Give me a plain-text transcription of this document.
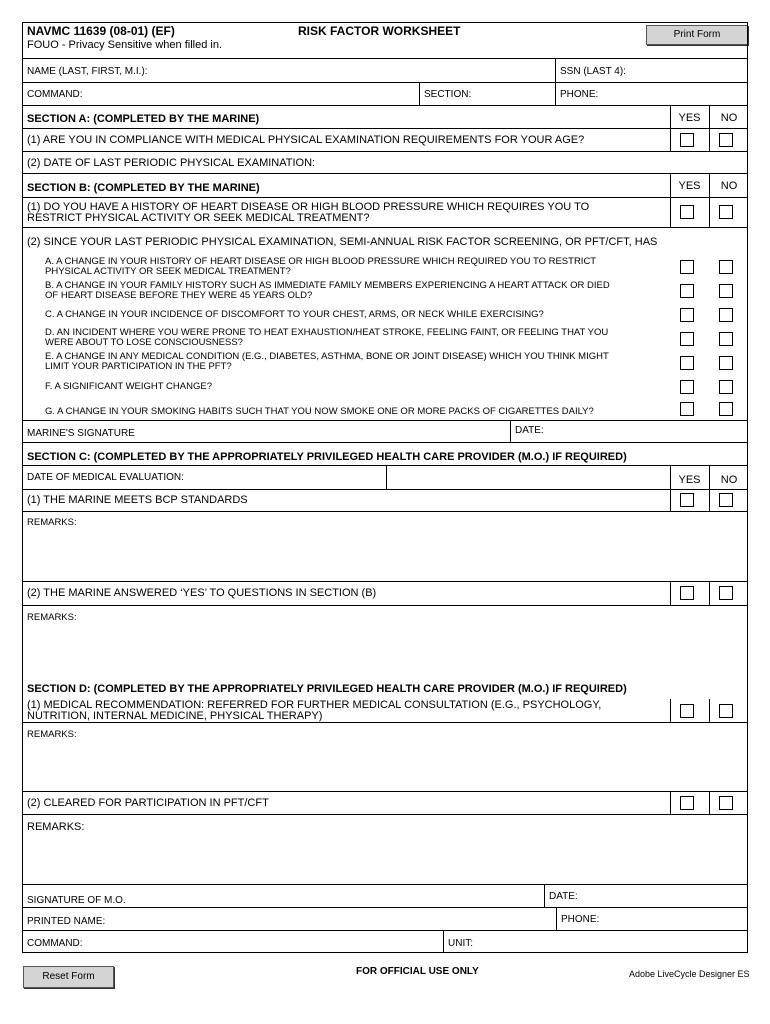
NAVMC 11639 (08-01) (EF)
FOUO - Privacy Sensitive when filled in.
RISK FACTOR WORKSHEET	Print Form
NAME (LAST, FIRST, M.I.):	SSN (LAST 4):
COMMAND:	SECTION:	PHONE:
SECTION A: (COMPLETED BY THE MARINE)	YES	NO
(1) ARE YOU IN COMPLIANCE WITH MEDICAL PHYSICAL EXAMINATION REQUIREMENTS FOR YOUR AGE?
(2) DATE OF LAST PERIODIC PHYSICAL EXAMINATION:
SECTION B: (COMPLETED BY THE MARINE)	YES	NO
(1) DO YOU HAVE A HISTORY OF HEART DISEASE OR HIGH BLOOD PRESSURE WHICH REQUIRES YOU TO
RESTRICT PHYSICAL ACTIVITY OR SEEK MEDICAL TREATMENT?
(2) SINCE YOUR LAST PERIODIC PHYSICAL EXAMINATION, SEMI-ANNUAL RISK FACTOR SCREENING, OR PFT/CFT, HAS
A. A CHANGE IN YOUR HISTORY OF HEART DISEASE OR HIGH BLOOD PRESSURE WHICH REQUIRED YOU TO RESTRICT
PHYSICAL ACTIVITY OR SEEK MEDICAL TREATMENT?
B. A CHANGE IN YOUR FAMILY HISTORY SUCH AS IMMEDIATE FAMILY MEMBERS EXPERIENCING A HEART ATTACK OR DIED
OF HEART DISEASE BEFORE THEY WERE 45 YEARS OLD?
C. A CHANGE IN YOUR INCIDENCE OF DISCOMFORT TO YOUR CHEST, ARMS, OR NECK WHILE EXERCISING?
D. AN INCIDENT WHERE YOU WERE PRONE TO HEAT EXHAUSTION/HEAT STROKE, FEELING FAINT, OR FEELING THAT YOU
WERE ABOUT TO LOSE CONSCIOUSNESS?
E. A CHANGE IN ANY MEDICAL CONDITION (E.G., DIABETES, ASTHMA, BONE OR JOINT DISEASE) WHICH YOU THINK MIGHT
LIMIT YOUR PARTICIPATION IN THE PFT?
F. A SIGNIFICANT WEIGHT CHANGE?
G. A CHANGE IN YOUR SMOKING HABITS SUCH THAT YOU NOW SMOKE ONE OR MORE PACKS OF CIGARETTES DAILY?
MARINE'S SIGNATURE	DATE:
SECTION C: (COMPLETED BY THE APPROPRIATELY PRIVILEGED HEALTH CARE PROVIDER (M.O.) IF REQUIRED)
DATE OF MEDICAL EVALUATION:	YES	NO
(1) THE MARINE MEETS BCP STANDARDS
REMARKS:
(2) THE MARINE ANSWERED ‘YES’ TO QUESTIONS IN SECTION (B)
REMARKS:
SECTION D: (COMPLETED BY THE APPROPRIATELY PRIVILEGED HEALTH CARE PROVIDER (M.O.) IF REQUIRED)
(1) MEDICAL RECOMMENDATION: REFERRED FOR FURTHER MEDICAL CONSULTATION (E.G., PSYCHOLOGY,
NUTRITION, INTERNAL MEDICINE, PHYSICAL THERAPY)
REMARKS:
(2) CLEARED FOR PARTICIPATION IN PFT/CFT
REMARKS:
SIGNATURE OF M.O.	DATE:
PRINTED NAME:	PHONE:
COMMAND:	UNIT:
Reset Form	FOR OFFICIAL USE ONLY	Adobe LiveCycle Designer ES
